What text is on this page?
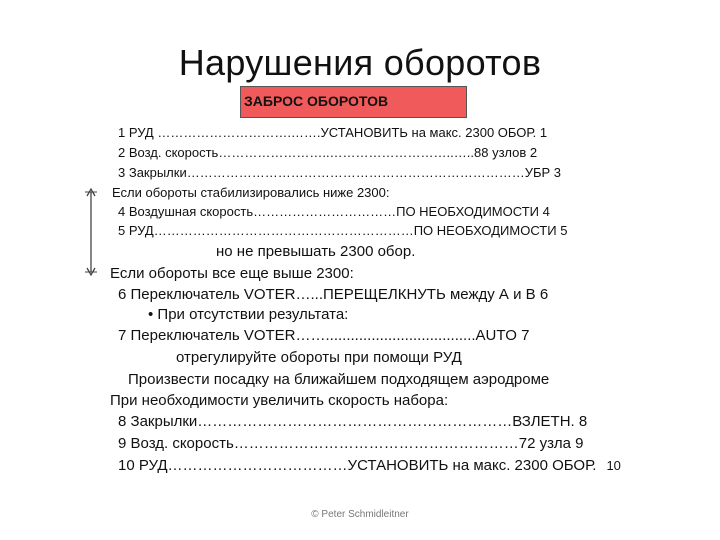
Нарушения оборотов
ЗАБРОС ОБОРОТОВ
1 РУД ………………………….…….УСТАНОВИТЬ на макс. 2300 ОБОР. 1
2 Возд. скорость……………………..………………………..…..88 узлов 2
3 Закрылки……………………………………………………………………УБР 3
Если обороты стабилизировались ниже 2300:
4 Воздушная скорость……………………………ПО НЕОБХОДИМОСТИ 4
5 РУД……………………………………………………ПО НЕОБХОДИМОСТИ 5
но не превышать 2300 обор.
Если обороты все еще выше 2300:
6 Переключатель VOTER…...ПЕРЕЩЕЛКНУТЬ между А и В 6
• При отсутствии результата:
7 Переключатель VOTER……....................................AUTO 7
отрегулируйте обороты при помощи РУД
Произвести посадку на ближайшем подходящем аэродроме
При необходимости увеличить скорость набора:
8 Закрылки………………………………………………………ВЗЛЕТН. 8
9 Возд. скорость…………………………………………………72 узла 9
10 РУД………………………………УСТАНОВИТЬ на макс. 2300 ОБОР. 10
© Peter Schmidleitner
